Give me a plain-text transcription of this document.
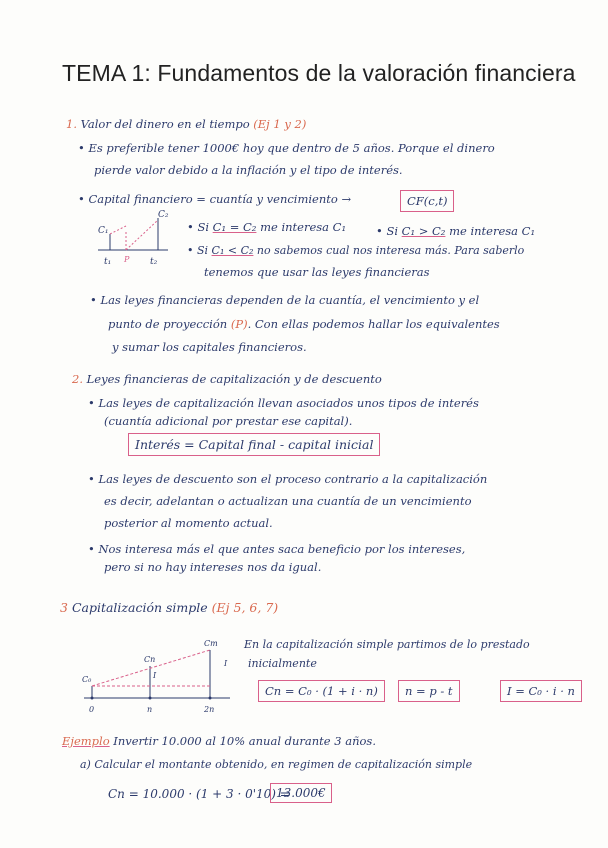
TEMA 1: Fundamentos de la valoración financiera
1. Valor del dinero en el tiempo (Ej 1 y 2)
• Es preferible tener 1000€ hoy que dentro de 5 años. Porque el dinero
pierde valor debido a la inflación y el tipo de interés.
• Capital financiero = cuantía y vencimiento →	CF(c,t)
C₁
C₂
t₁ P t₂
• Si C₁ = C₂ me interesa C₁	• Si C₁ > C₂ me interesa C₁
• Si C₁ < C₂ no sabemos cual nos interesa más. Para saberlo
tenemos que usar las leyes financieras
• Las leyes financieras dependen de la cuantía, el vencimiento y el
punto de proyección (P). Con ellas podemos hallar los equivalentes
y sumar los capitales financieros.
2. Leyes financieras de capitalización y de descuento
• Las leyes de capitalización llevan asociados unos tipos de interés
(cuantía adicional por prestar ese capital).
Interés = Capital final - capital inicial
• Las leyes de descuento son el proceso contrario a la capitalización
es decir, adelantan o actualizan una cuantía de un vencimiento
posterior al momento actual.
• Nos interesa más el que antes saca beneficio por los intereses,
pero si no hay intereses nos da igual.
3 Capitalización simple (Ej 5, 6, 7)
C₀
Cn
Cm
I
I
0	n	2n
En la capitalización simple partimos de lo prestado
inicialmente
Cn = C₀ · (1 + i · n)	n = p - t	I = C₀ · i · n
Ejemplo Invertir 10.000 al 10% anual durante 3 años.
a) Calcular el montante obtenido, en regimen de capitalización simple
Cn = 10.000 · (1 + 3 · 0'10) =
13.000€
